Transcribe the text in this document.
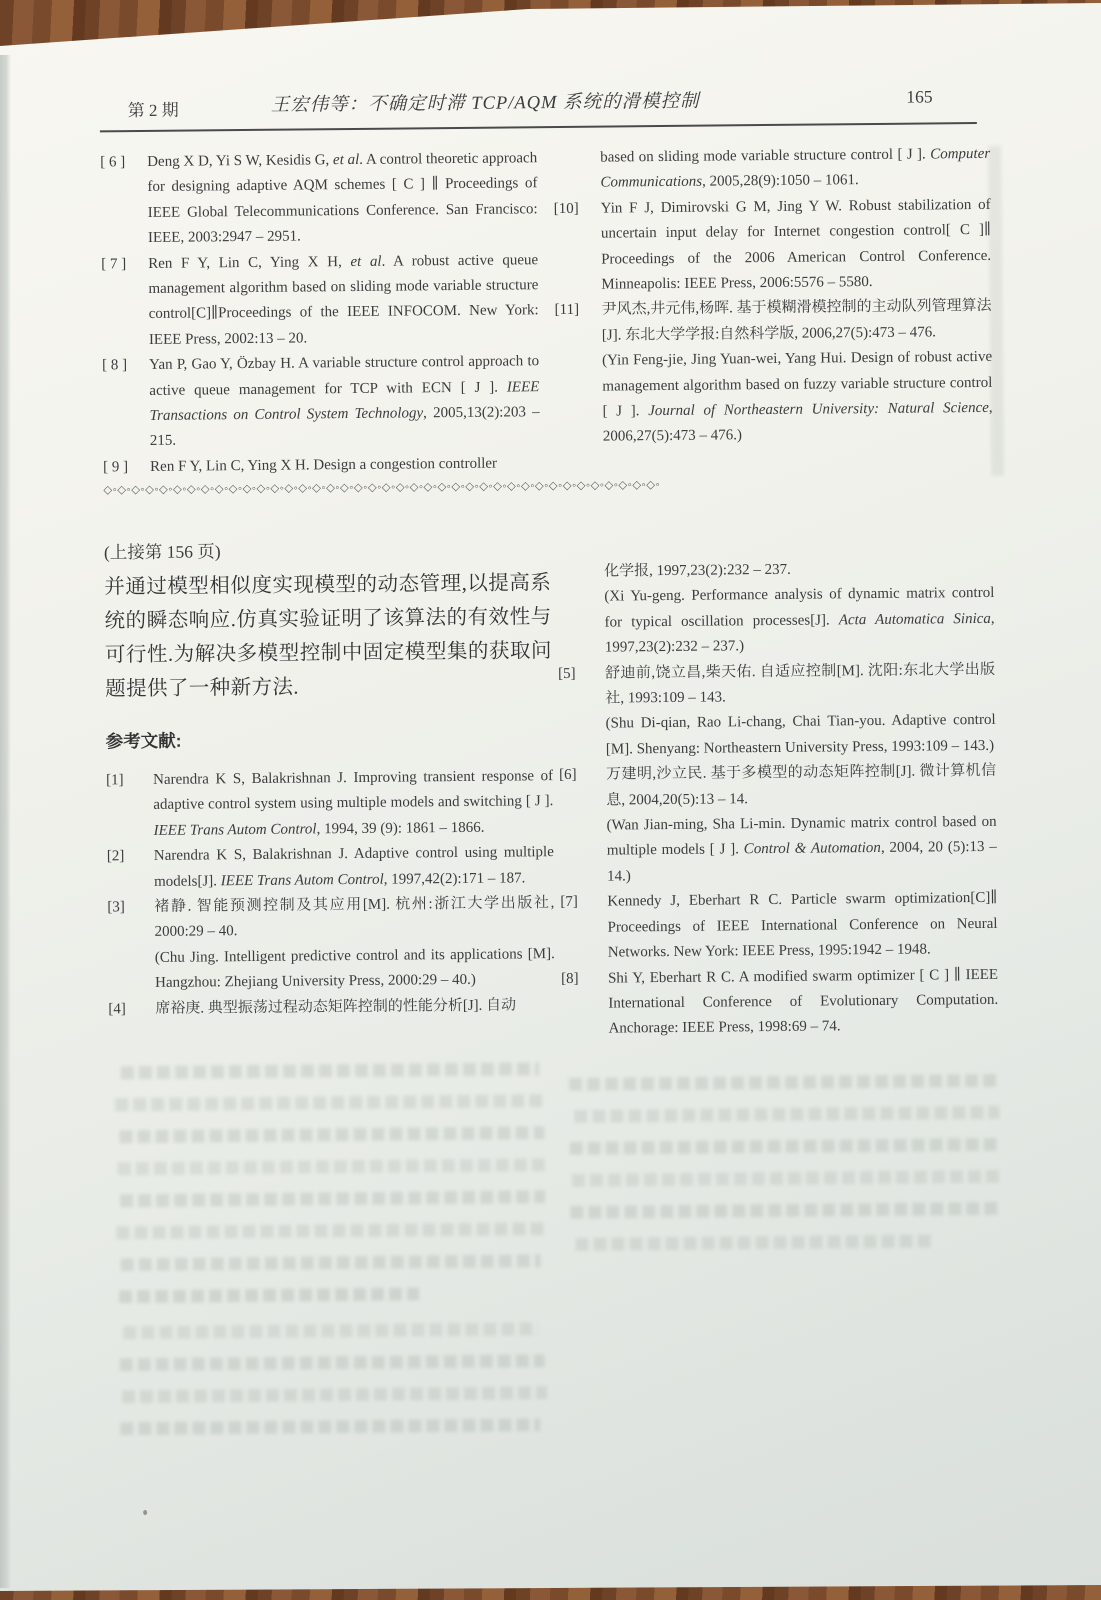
第 2 期	王宏伟等：不确定时滞 TCP/AQM 系统的滑模控制	165
[ 6 ] Deng X D, Yi S W, Kesidis G, et al. A control theoretic approach for designing adaptive AQM schemes [ C ] ∥ Proceedings of IEEE Global Telecommunications Conference. San Francisco: IEEE, 2003:2947 – 2951.
[ 7 ] Ren F Y, Lin C, Ying X H, et al. A robust active queue management algorithm based on sliding mode variable structure control[C]∥Proceedings of the IEEE INFOCOM. New York: IEEE Press, 2002:13 – 20.
[ 8 ] Yan P, Gao Y, Özbay H. A variable structure control approach to active queue management for TCP with ECN [ J ]. IEEE Transactions on Control System Technology, 2005,13(2):203 – 215.
[ 9 ] Ren F Y, Lin C, Ying X H. Design a congestion controller
based on sliding mode variable structure control [ J ]. Computer Communications, 2005,28(9):1050 – 1061.
[10] Yin F J, Dimirovski G M, Jing Y W. Robust stabilization of uncertain input delay for Internet congestion control[ C ]∥ Proceedings of the 2006 American Control Conference. Minneapolis: IEEE Press, 2006:5576 – 5580.
[11] 尹风杰,井元伟,杨晖. 基于模糊滑模控制的主动队列管理算法[J]. 东北大学学报:自然科学版, 2006,27(5):473 – 476.
(Yin Feng-jie, Jing Yuan-wei, Yang Hui. Design of robust active management algorithm based on fuzzy variable structure control [ J ]. Journal of Northeastern University: Natural Science, 2006,27(5):473 – 476.)
◇◦◇◦◇◦◇◦◇◦◇◦◇◦◇◦◇◦◇◦◇◦◇◦◇◦◇◦◇◦◇◦◇◦◇◦◇◦◇◦◇◦◇◦◇◦◇◦◇◦◇◦◇◦◇◦◇◦◇◦◇◦◇◦◇◦◇◦◇◦◇◦◇◦◇◦◇◦◇◦

(上接第 156 页)

并通过模型相似度实现模型的动态管理,以提高系统的瞬态响应.仿真实验证明了该算法的有效性与可行性.为解决多模型控制中固定模型集的获取问题提供了一种新方法.

参考文献:

[1] Narendra K S, Balakrishnan J. Improving transient response of adaptive control system using multiple models and switching [ J ]. IEEE Trans Autom Control, 1994, 39 (9): 1861 – 1866.
[2] Narendra K S, Balakrishnan J. Adaptive control using multiple models[J]. IEEE Trans Autom Control, 1997,42(2):171 – 187.
[3] 褚静. 智能预测控制及其应用[M]. 杭州:浙江大学出版社, 2000:29 – 40.
(Chu Jing. Intelligent predictive control and its applications [M]. Hangzhou: Zhejiang University Press, 2000:29 – 40.)
[4] 席裕庚. 典型振荡过程动态矩阵控制的性能分析[J]. 自动
化学报, 1997,23(2):232 – 237.
(Xi Yu-geng. Performance analysis of dynamic matrix control for typical oscillation processes[J]. Acta Automatica Sinica, 1997,23(2):232 – 237.)
[5] 舒迪前,饶立昌,柴天佑. 自适应控制[M]. 沈阳:东北大学出版社, 1993:109 – 143.
(Shu Di-qian, Rao Li-chang, Chai Tian-you. Adaptive control [M]. Shenyang: Northeastern University Press, 1993:109 – 143.)
[6] 万建明,沙立民. 基于多模型的动态矩阵控制[J]. 微计算机信息, 2004,20(5):13 – 14.
(Wan Jian-ming, Sha Li-min. Dynamic matrix control based on multiple models [ J ]. Control & Automation, 2004, 20 (5):13 – 14.)
[7] Kennedy J, Eberhart R C. Particle swarm optimization[C]∥ Proceedings of IEEE International Conference on Neural Networks. New York: IEEE Press, 1995:1942 – 1948.
[8] Shi Y, Eberhart R C. A modified swarm optimizer [ C ] ∥ IEEE International Conference of Evolutionary Computation. Anchorage: IEEE Press, 1998:69 – 74.
